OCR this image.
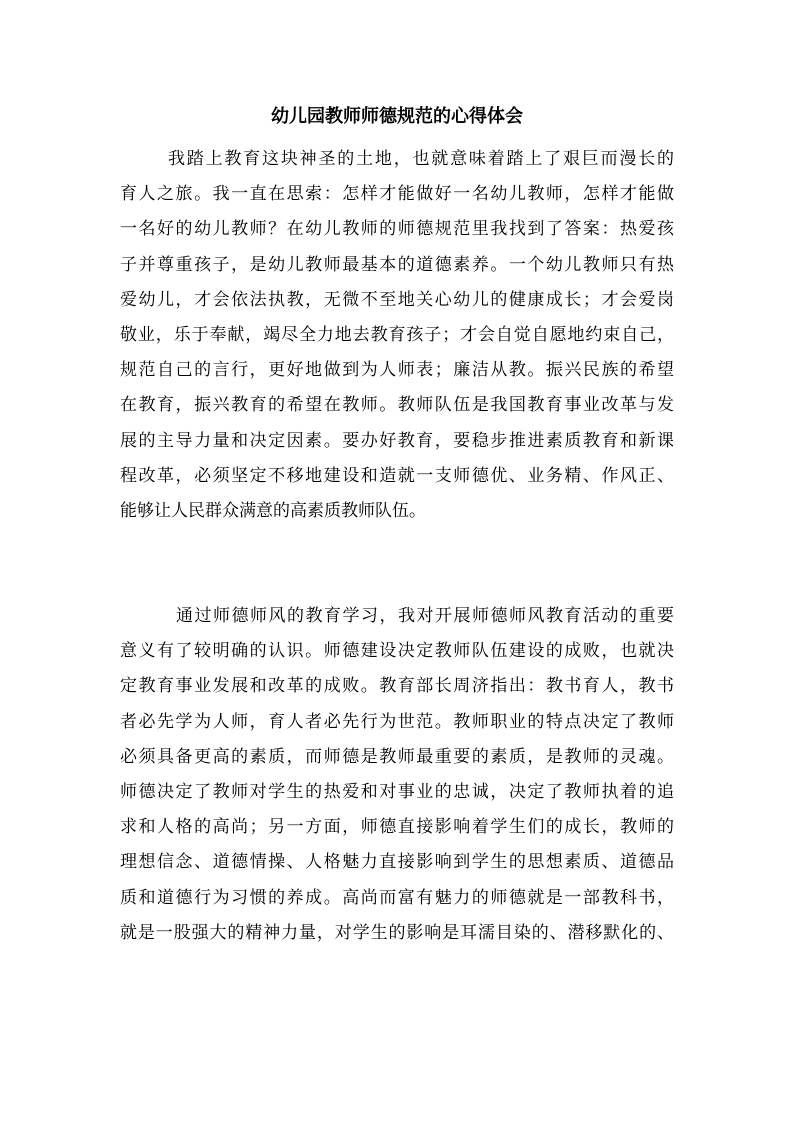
幼儿园教师师德规范的心得体会
我踏上教育这块神圣的土地，也就意味着踏上了艰巨而漫长的
育人之旅。我一直在思索：怎样才能做好一名幼儿教师，怎样才能做
一名好的幼儿教师？在幼儿教师的师德规范里我找到了答案：热爱孩
子并尊重孩子，是幼儿教师最基本的道德素养。一个幼儿教师只有热
爱幼儿，才会依法执教，无微不至地关心幼儿的健康成长；才会爱岗
敬业，乐于奉献，竭尽全力地去教育孩子；才会自觉自愿地约束自己，
规范自己的言行，更好地做到为人师表；廉洁从教。振兴民族的希望
在教育，振兴教育的希望在教师。教师队伍是我国教育事业改革与发
展的主导力量和决定因素。要办好教育，要稳步推进素质教育和新课
程改革，必须坚定不移地建设和造就一支师德优、业务精、作风正、
能够让人民群众满意的高素质教师队伍。
通过师德师风的教育学习，我对开展师德师风教育活动的重要
意义有了较明确的认识。师德建设决定教师队伍建设的成败，也就决
定教育事业发展和改革的成败。教育部长周济指出：教书育人，教书
者必先学为人师，育人者必先行为世范。教师职业的特点决定了教师
必须具备更高的素质，而师德是教师最重要的素质，是教师的灵魂。
师德决定了教师对学生的热爱和对事业的忠诚，决定了教师执着的追
求和人格的高尚；另一方面，师德直接影响着学生们的成长，教师的
理想信念、道德情操、人格魅力直接影响到学生的思想素质、道德品
质和道德行为习惯的养成。高尚而富有魅力的师德就是一部教科书，
就是一股强大的精神力量，对学生的影响是耳濡目染的、潜移默化的、
